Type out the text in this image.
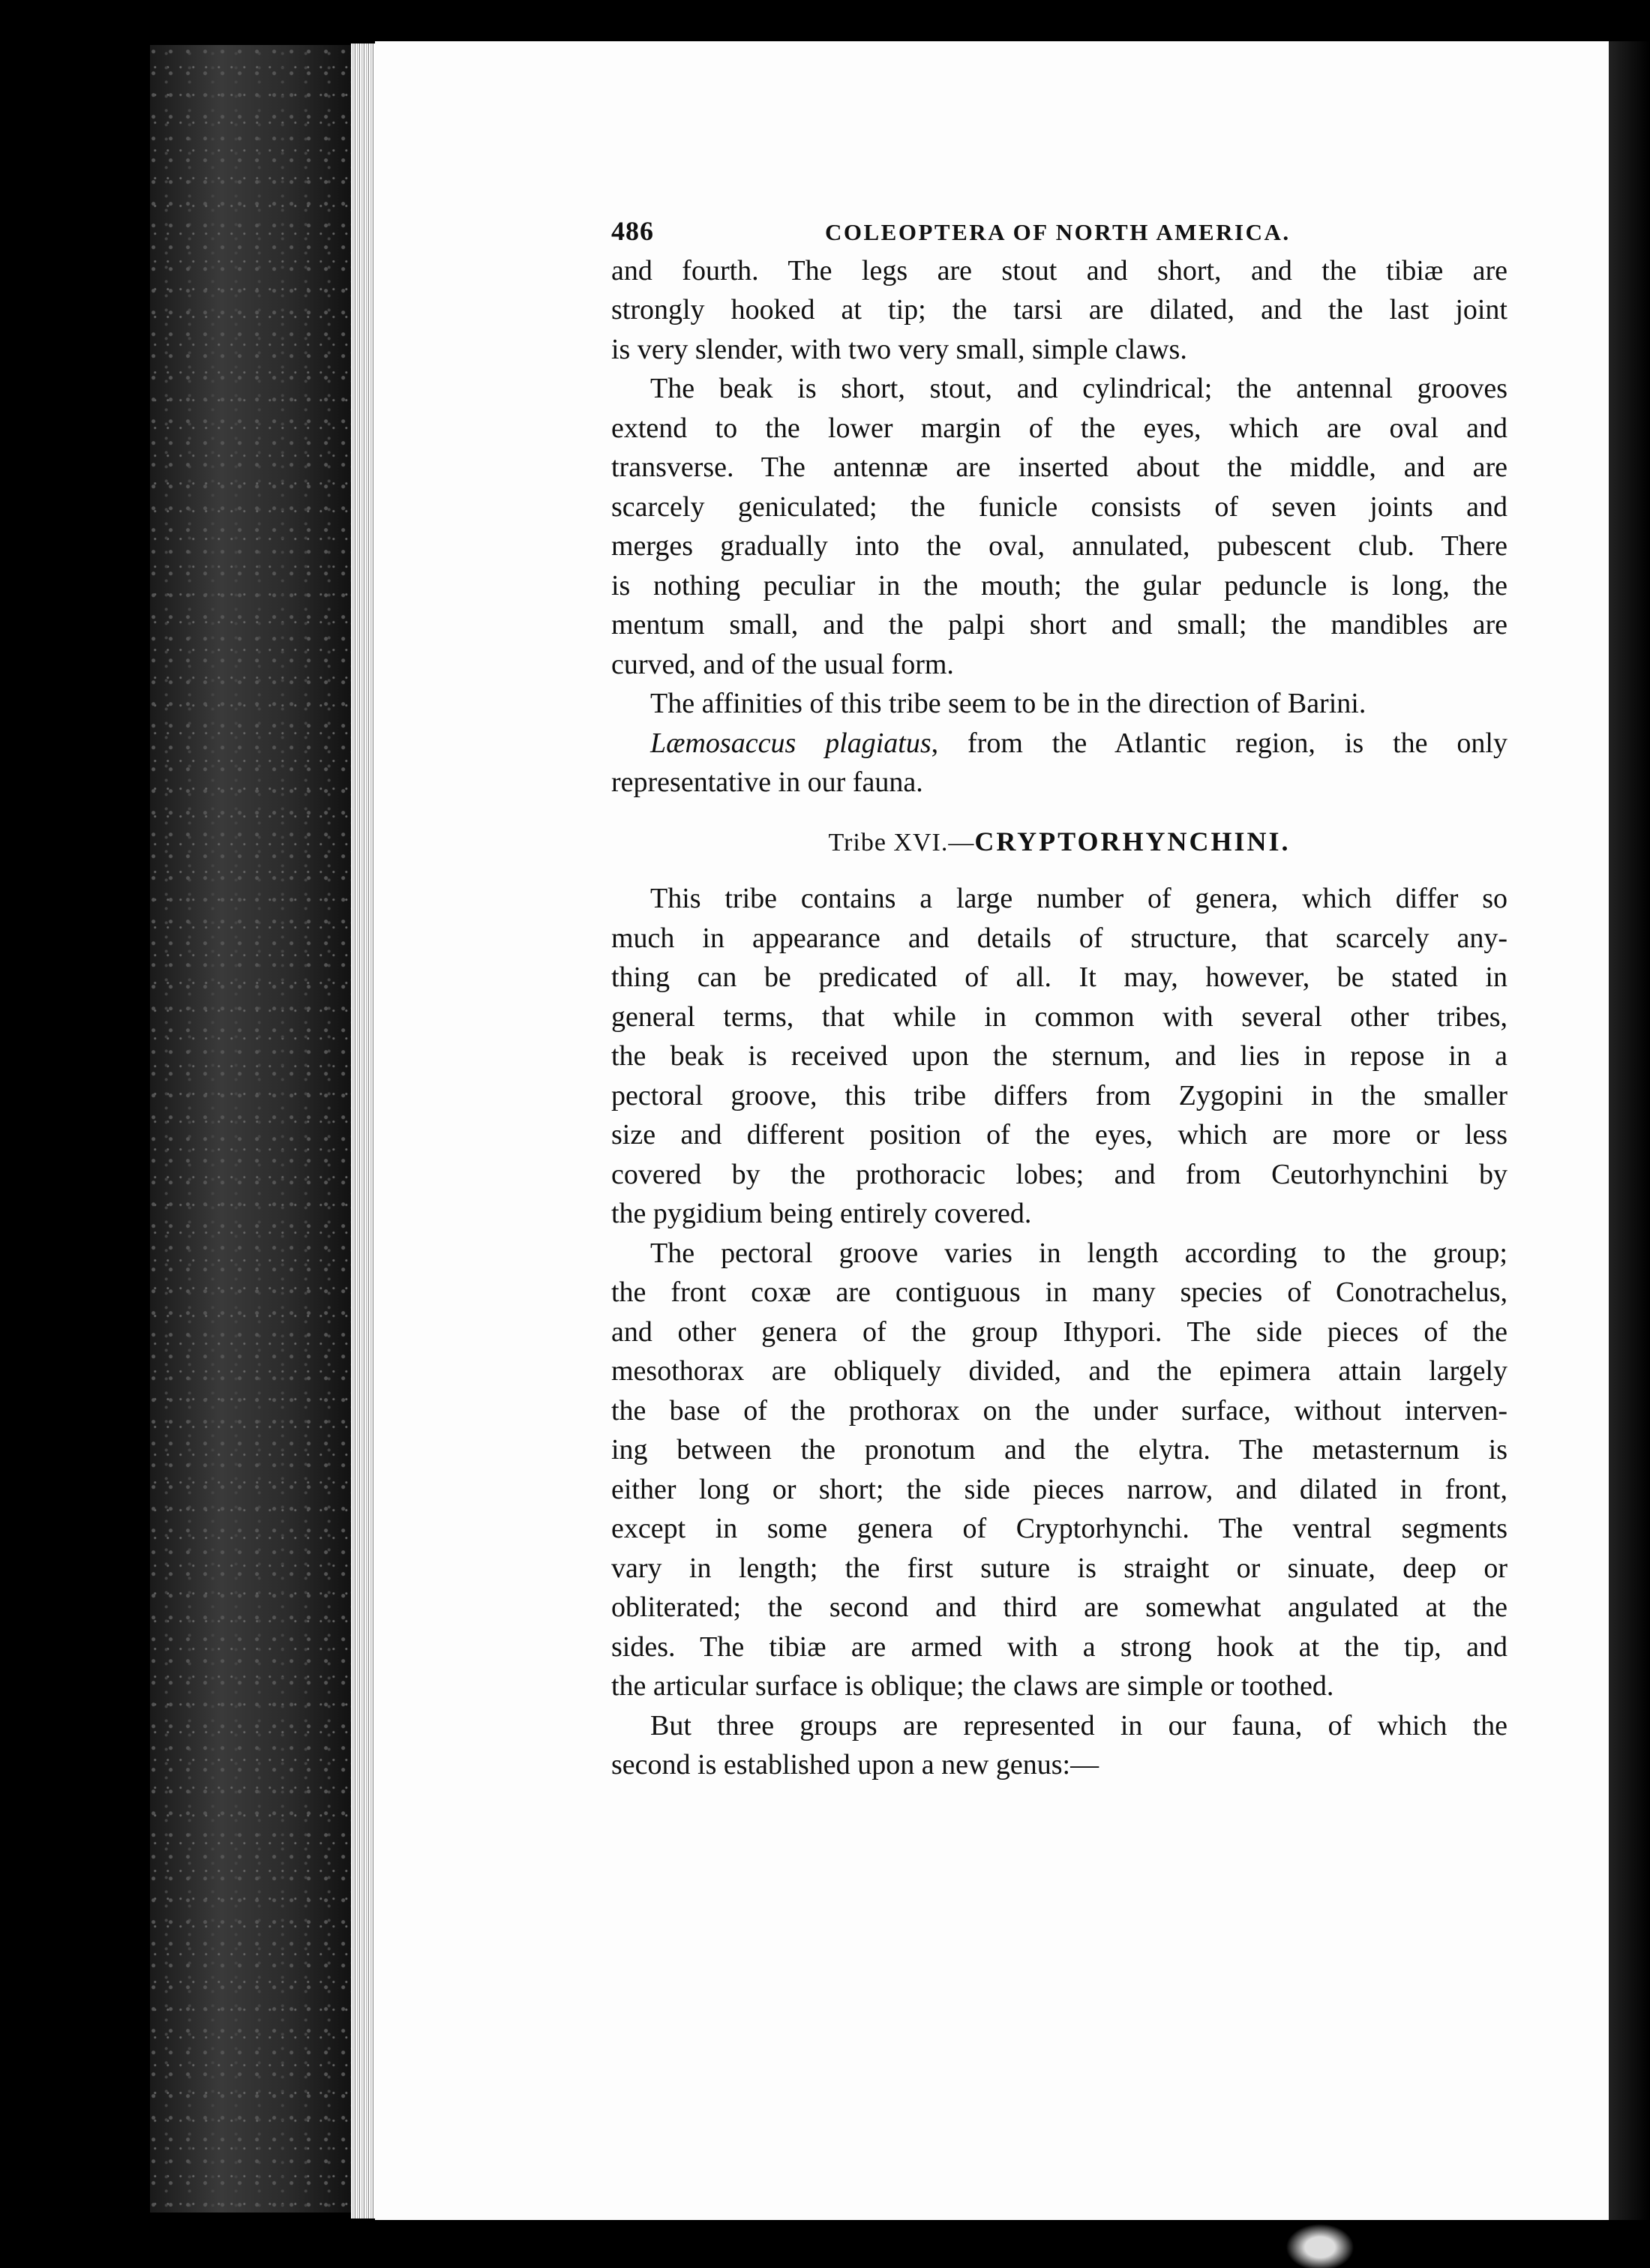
486	COLEOPTERA OF NORTH AMERICA.
and fourth. The legs are stout and short, and the tibiæ are
strongly hooked at tip; the tarsi are dilated, and the last joint
is very slender, with two very small, simple claws.
The beak is short, stout, and cylindrical; the antennal grooves
extend to the lower margin of the eyes, which are oval and
transverse. The antennæ are inserted about the middle, and are
scarcely geniculated; the funicle consists of seven joints and
merges gradually into the oval, annulated, pubescent club. There
is nothing peculiar in the mouth; the gular peduncle is long, the
mentum small, and the palpi short and small; the mandibles are
curved, and of the usual form.
The affinities of this tribe seem to be in the direction of Barini.
Læmosaccus plagiatus, from the Atlantic region, is the only
representative in our fauna.
Tribe XVI.—CRYPTORHYNCHINI.
This tribe contains a large number of genera, which differ so
much in appearance and details of structure, that scarcely any-
thing can be predicated of all. It may, however, be stated in
general terms, that while in common with several other tribes,
the beak is received upon the sternum, and lies in repose in a
pectoral groove, this tribe differs from Zygopini in the smaller
size and different position of the eyes, which are more or less
covered by the prothoracic lobes; and from Ceutorhynchini by
the pygidium being entirely covered.
The pectoral groove varies in length according to the group;
the front coxæ are contiguous in many species of Conotrachelus,
and other genera of the group Ithypori. The side pieces of the
mesothorax are obliquely divided, and the epimera attain largely
the base of the prothorax on the under surface, without interven-
ing between the pronotum and the elytra. The metasternum is
either long or short; the side pieces narrow, and dilated in front,
except in some genera of Cryptorhynchi. The ventral segments
vary in length; the first suture is straight or sinuate, deep or
obliterated; the second and third are somewhat angulated at the
sides. The tibiæ are armed with a strong hook at the tip, and
the articular surface is oblique; the claws are simple or toothed.
But three groups are represented in our fauna, of which the
second is established upon a new genus:—
